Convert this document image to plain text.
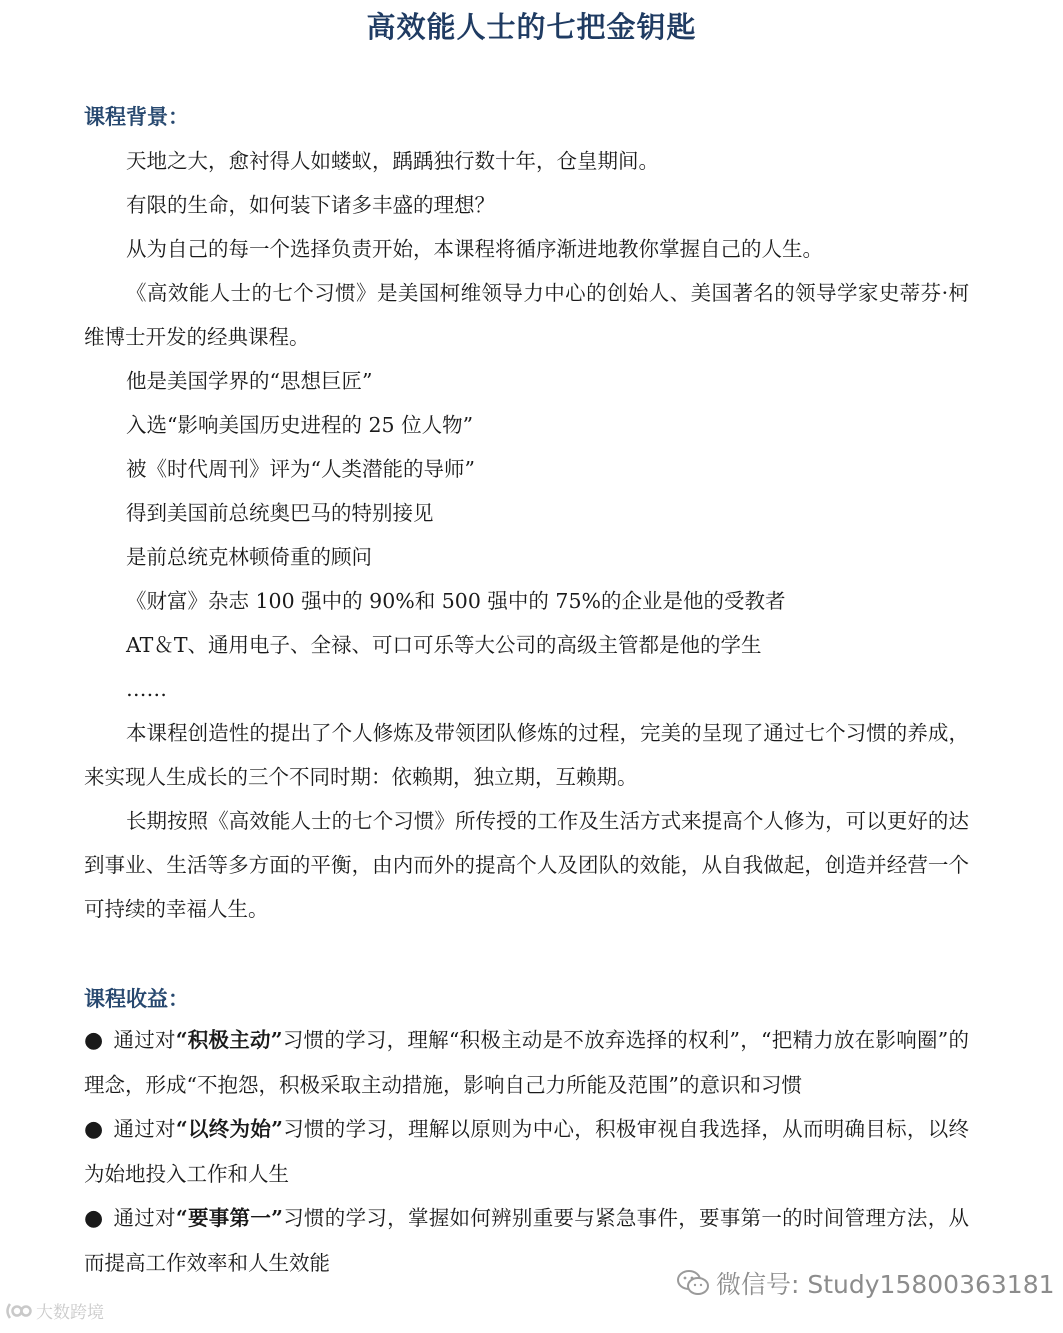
高效能人士的七把金钥匙
课程背景：

天地之大，愈衬得人如蝼蚁，踽踽独行数十年，仓皇期间。

有限的生命，如何装下诸多丰盛的理想？

从为自己的每一个选择负责开始，本课程将循序渐进地教你掌握自己的人生。

《高效能人士的七个习惯》是美国柯维领导力中心的创始人、美国著名的领导学家史蒂芬·柯维博士开发的经典课程。

他是美国学界的“思想巨匠”

入选“影响美国历史进程的 25 位人物”

被《时代周刊》评为“人类潜能的导师”

得到美国前总统奥巴马的特别接见

是前总统克林顿倚重的顾问

《财富》杂志 100 强中的 90%和 500 强中的 75%的企业是他的受教者

AT＆T、通用电子、全禄、可口可乐等大公司的高级主管都是他的学生

……

本课程创造性的提出了个人修炼及带领团队修炼的过程，完美的呈现了通过七个习惯的养成，来实现人生成长的三个不同时期：依赖期，独立期，互赖期。

长期按照《高效能人士的七个习惯》所传授的工作及生活方式来提高个人修为，可以更好的达到事业、生活等多方面的平衡，由内而外的提高个人及团队的效能，从自我做起，创造并经营一个可持续的幸福人生。

课程收益：

● 通过对“积极主动”习惯的学习，理解“积极主动是不放弃选择的权利”，“把精力放在影响圈”的理念，形成“不抱怨，积极采取主动措施，影响自己力所能及范围”的意识和习惯

● 通过对“以终为始”习惯的学习，理解以原则为中心，积极审视自我选择，从而明确目标，以终为始地投入工作和人生

● 通过对“要事第一”习惯的学习，掌握如何辨别重要与紧急事件，要事第一的时间管理方法，从而提高工作效率和人生效能

微信号: Study15800363181
大数跨境
